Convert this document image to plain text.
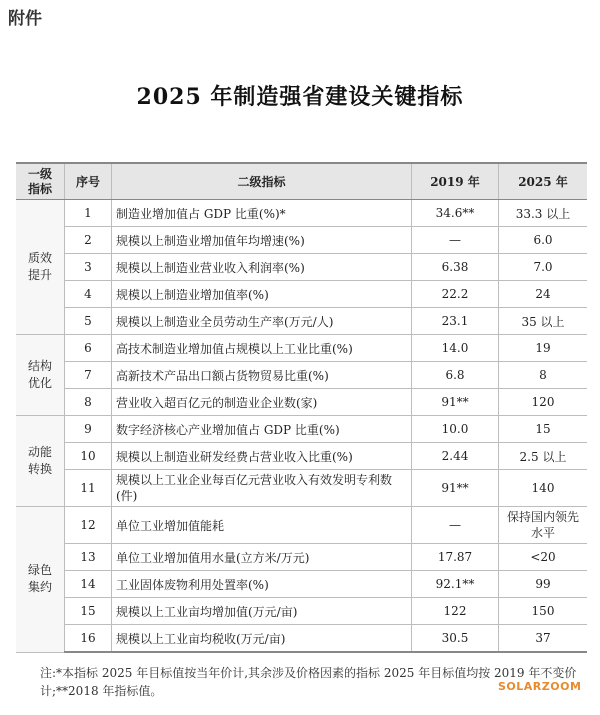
附件
2025 年制造强省建设关键指标
一级
指标	序号	二级指标	2019 年	2025 年
质效
提升	1	制造业增加值占 GDP 比重(%)*	34.6**	33.3 以上
	2	规模以上制造业增加值年均增速(%)	—	6.0
	3	规模以上制造业营业收入利润率(%)	6.38	7.0
	4	规模以上制造业增加值率(%)	22.2	24
	5	规模以上制造业全员劳动生产率(万元/人)	23.1	35 以上
结构
优化	6	高技术制造业增加值占规模以上工业比重(%)	14.0	19
	7	高新技术产品出口额占货物贸易比重(%)	6.8	8
	8	营业收入超百亿元的制造业企业数(家)	91**	120
动能
转换	9	数字经济核心产业增加值占 GDP 比重(%)	10.0	15
	10	规模以上制造业研发经费占营业收入比重(%)	2.44	2.5 以上
	11	规模以上工业企业每百亿元营业收入有效发明专利数(件)	91**	140
绿色
集约	12	单位工业增加值能耗	—	保持国内领先水平
	13	单位工业增加值用水量(立方米/万元)	17.87	<20
	14	工业固体废物利用处置率(%)	92.1**	99
	15	规模以上工业亩均增加值(万元/亩)	122	150
	16	规模以上工业亩均税收(万元/亩)	30.5	37
注:*本指标 2025 年目标值按当年价计,其余涉及价格因素的指标 2025 年目标值均按 2019 年不变价计;**2018 年指标值。	SOLARZOOM
